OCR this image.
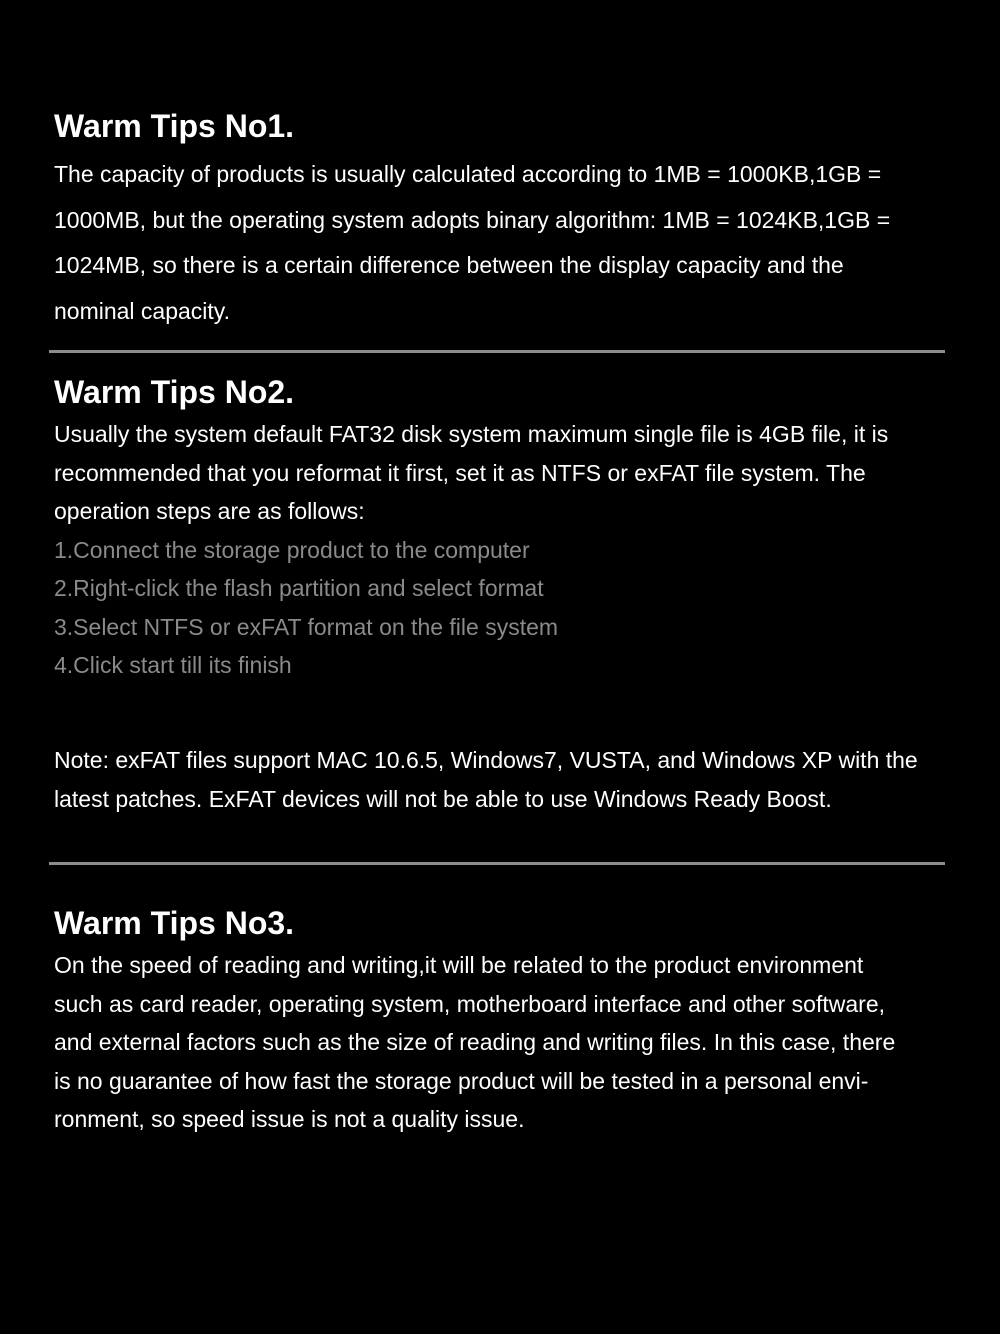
Warm Tips No1.

The capacity of products is usually calculated according to 1MB = 1000KB,1GB =
1000MB, but the operating system adopts binary algorithm: 1MB = 1024KB,1GB =
1024MB, so there is a certain difference between the display capacity and the
nominal capacity.

Warm Tips No2.

Usually the system default FAT32 disk system maximum single file is 4GB file, it is
recommended that you reformat it first, set it as NTFS or exFAT file system. The
operation steps are as follows:
1.Connect the storage product to the computer
2.Right-click the flash partition and select format
3.Select NTFS or exFAT format on the file system
4.Click start till its finish

Note: exFAT files support MAC 10.6.5, Windows7, VUSTA, and Windows XP with the
latest patches. ExFAT devices will not be able to use Windows Ready Boost.

Warm Tips No3.

On the speed of reading and writing,it will be related to the product environment
such as card reader, operating system, motherboard interface and other software,
and external factors such as the size of reading and writing files. In this case, there
is no guarantee of how fast the storage product will be tested in a personal envi-
ronment, so speed issue is not a quality issue.
